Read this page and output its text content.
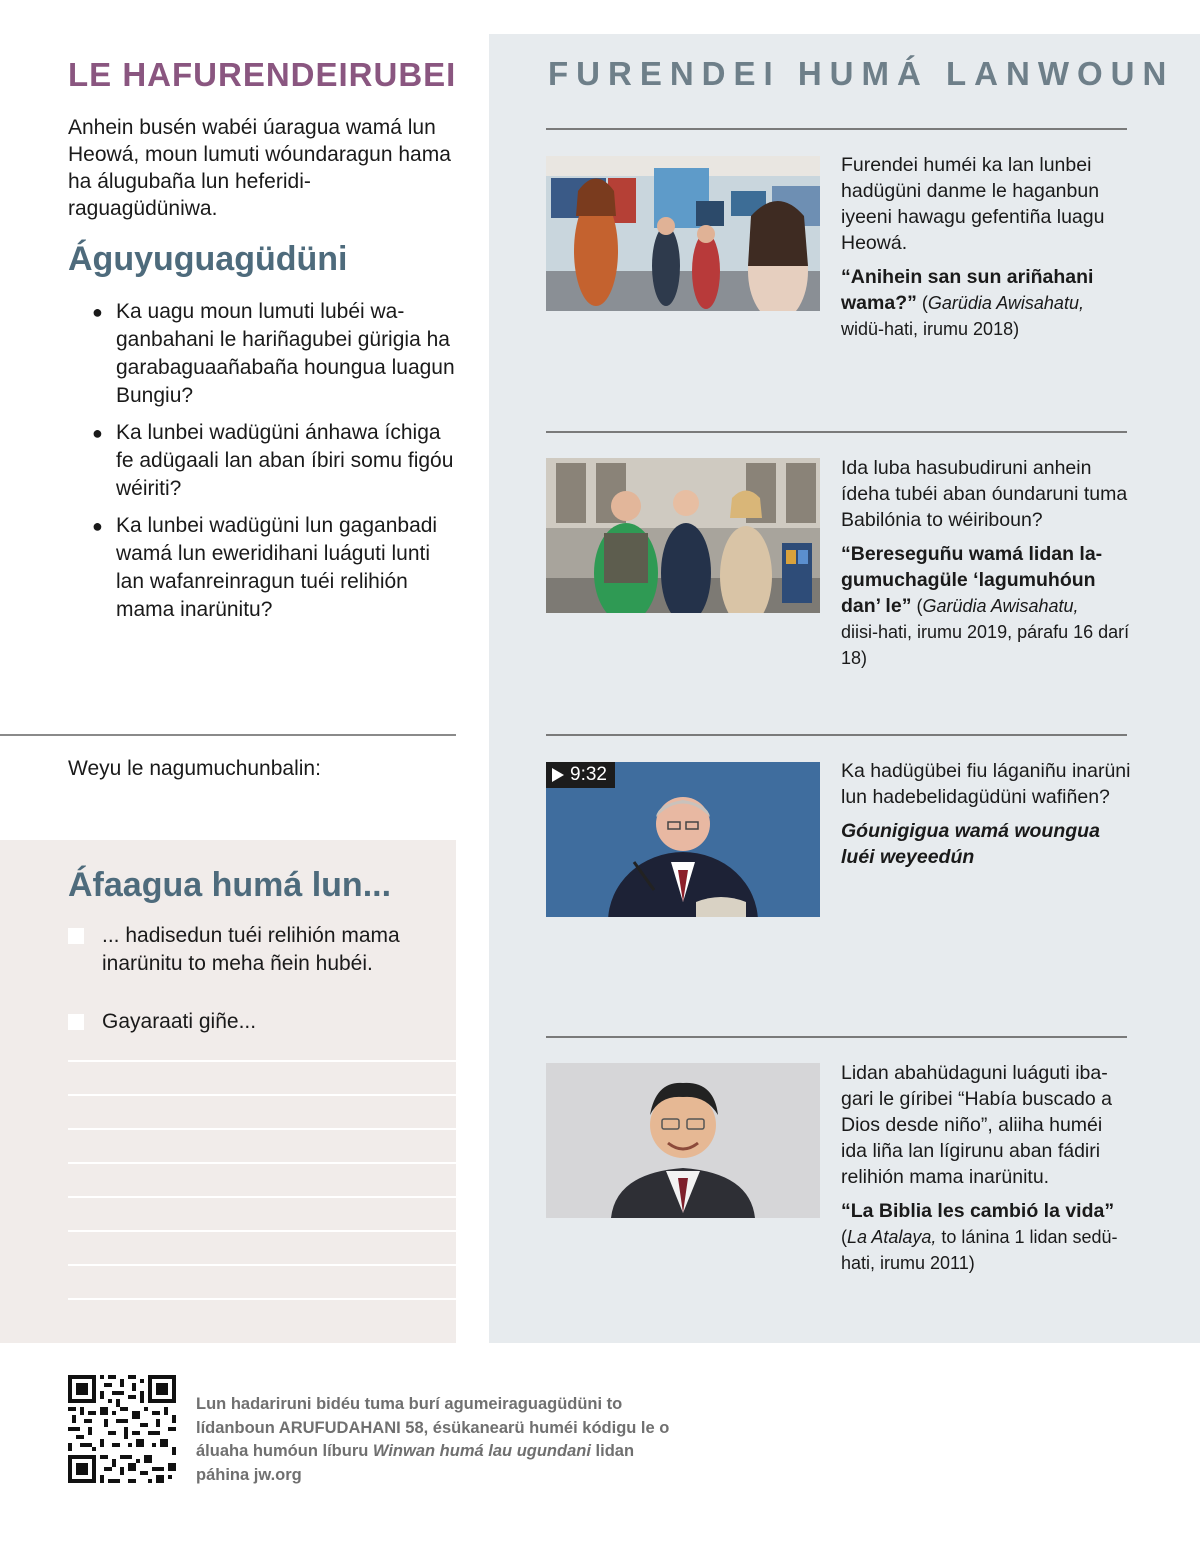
LE HAFURENDEIRUBEI

Anhein busén wabéi úaragua wamá lun Heowá, moun lumuti wóundaragun hama ha álugubaña lun heferidiraguagüdüniwa.

Águyuguagüdüni
● Ka uagu moun lumuti lubéi waganbahani le hariñagubei gürigia ha garabaguaañabaña houngua luagun Bungiu?
● Ka lunbei wadügüni ánhawa íchiga fe adügaali lan aban íbiri somu figóu wéiriti?
● Ka lunbei wadügüni lun gaganbadi wamá lun eweridihani luáguti lunti lan wafanreinragun tuéi relihión mama inarünitu?
Weyu le nagumuchunbalin:
Áfaagua humá lun...
... hadisedun tuéi relihión mama inarünitu to meha ñein hubéi.
Gayaraati giñe...
FURENDEI HUMÁ LANWOUN

Furendei huméi ka lan lunbei hadügüni danme le haganbun iyeeni hawagu gefentiña luagu Heowá.

“Anihein san sun ariñahani wama?” (Garüdia Awisahatu,

widü-hati, irumu 2018)

Ida luba hasubudiruni anhein ídeha tubéi aban óundaruni tuma Babilónia to wéiriboun?

“Bereseguñu wamá lidan lagumuchagüle ‘lagumuhóun dan’ le” (Garüdia Awisahatu,

diisi-hati, irumu 2019, párafu 16 darí 18)

9:32	Ka hadügübei fiu láganiñu inarüni lun hadebelidagüdüni wafiñen?

Góunigigua wamá woungua luéi weyeedún

Lidan abahüdaguni luáguti ibagari le gíribei “Había buscado a Dios desde niño”, aliiha huméi ida liña lan lígirunu aban fádiri relihión mama inarünitu.

“La Biblia les cambió la vida”

(La Atalaya, to lánina 1 lidan sedü-hati, irumu 2011)

Lun hadariruni bidéu tuma burí agumeiraguagüdüni to lídanboun ARUFUDAHANI 58, ésükanearü huméi kódigu le o áluaha humóun líburu Winwan humá lau ugundani lidan páhina jw.org
